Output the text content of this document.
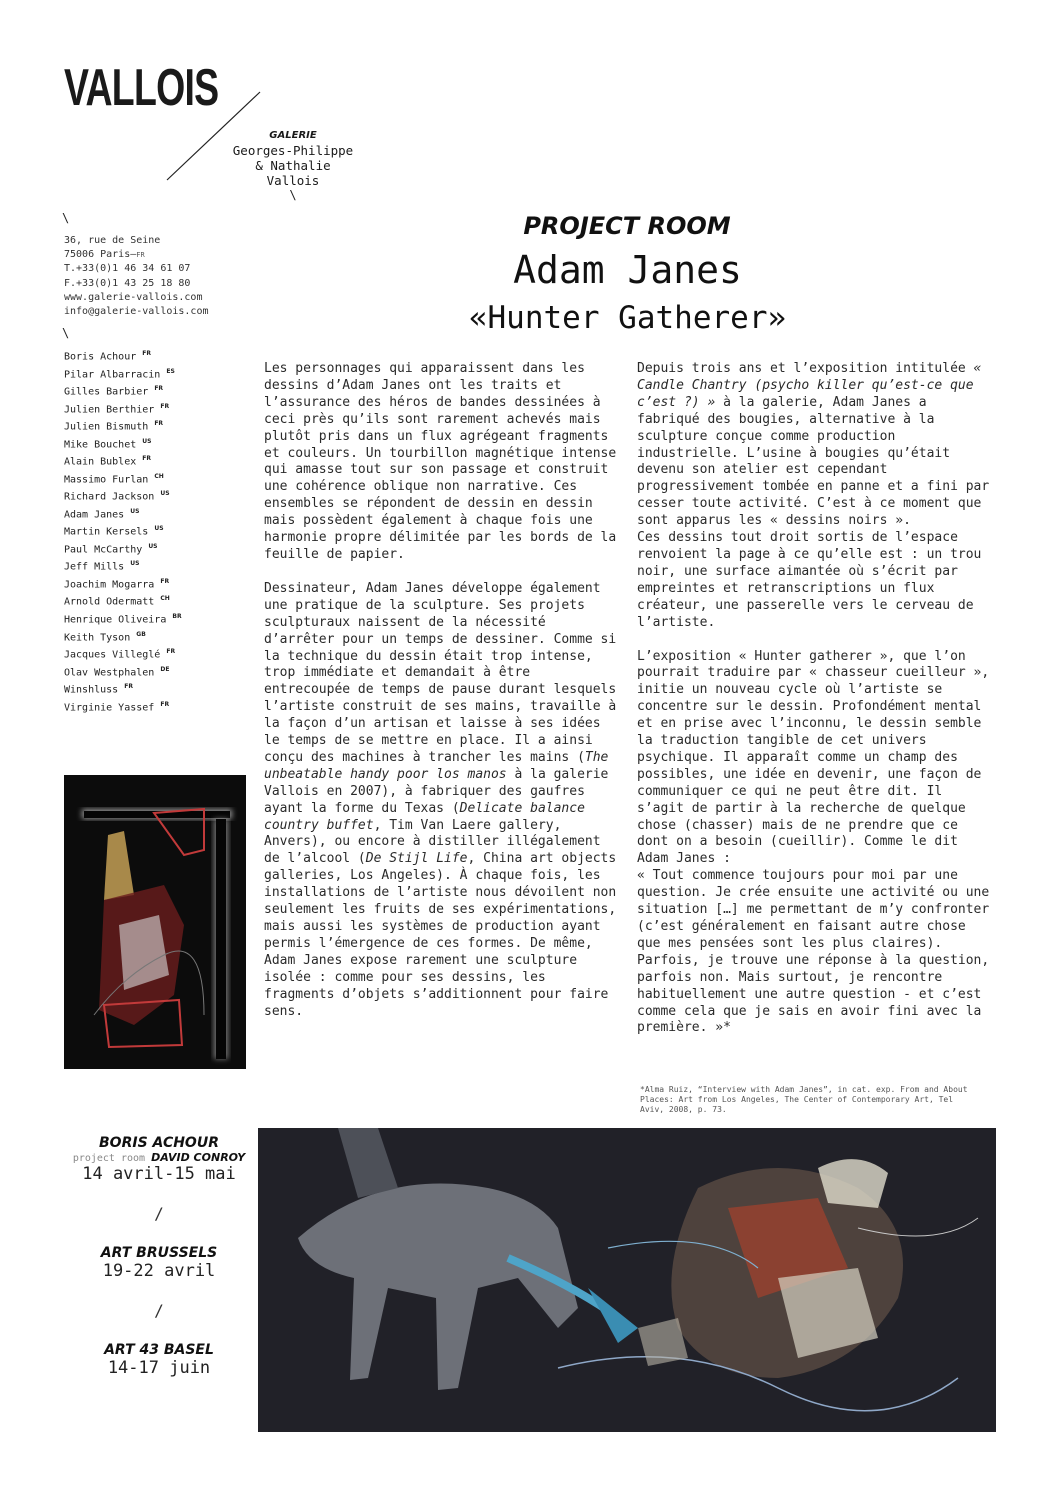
VALLOIS
GALERIE
Georges-Philippe
& Nathalie
Vallois
\
\
36, rue de Seine
75006 Paris—FR
T.+33(0)1 46 34 61 07
F.+33(0)1 43 25 18 80
www.galerie-vallois.com
info@galerie-vallois.com
\
Boris Achour $^{FR}$
Pilar Albarracin $^{ES}$
Gilles Barbier $^{FR}$
Julien Berthier $^{FR}$
Julien Bismuth $^{FR}$
Mike Bouchet $^{US}$
Alain Bublex $^{FR}$
Massimo Furlan $^{CH}$
Richard Jackson $^{US}$
Adam Janes $^{US}$
Martin Kersels $^{US}$
Paul McCarthy $^{US}$
Jeff Mills $^{US}$
Joachim Mogarra $^{FR}$
Arnold Odermatt $^{CH}$
Henrique Oliveira $^{BR}$
Keith Tyson $^{GB}$
Jacques Villeglé $^{FR}$
Olav Westphalen $^{DE}$
Winshluss $^{FR}$
Virginie Yassef $^{FR}$
PROJECT ROOM
Adam Janes
«Hunter Gatherer»

Les personnages qui apparaissent dans les dessins d’Adam Janes ont les traits et l’assurance des héros de bandes dessinées à ceci près qu’ils sont rarement achevés mais plutôt pris dans un flux agrégeant fragments et couleurs. Un tourbillon magnétique intense qui amasse tout sur son passage et construit une cohérence oblique non narrative. Ces ensembles se répondent de dessin en dessin mais possèdent également à chaque fois une harmonie propre délimitée par les bords de la feuille de papier.

Dessinateur, Adam Janes développe également une pratique de la sculpture. Ses projets sculpturaux naissent de la nécessité d’arrêter pour un temps de dessiner. Comme si la technique du dessin était trop intense, trop immédiate et demandait à être entrecoupée de temps de pause durant lesquels l’artiste construit de ses mains, travaille à la façon d’un artisan et laisse à ses idées le temps de se mettre en place. Il a ainsi conçu des machines à trancher les mains (The unbeatable handy poor los manos à la galerie Vallois en 2007), à fabriquer des gaufres ayant la forme du Texas (Delicate balance country buffet, Tim Van Laere gallery, Anvers), ou encore à distiller illégalement de l’alcool (De Stijl Life, China art objects galleries, Los Angeles). À chaque fois, les installations de l’artiste nous dévoilent non seulement les fruits de ses expérimentations, mais aussi les systèmes de production ayant permis l’émergence de ces formes. De même, Adam Janes expose rarement une sculpture isolée : comme pour ses dessins, les fragments d’objets s’additionnent pour faire sens.

Depuis trois ans et l’exposition intitulée « Candle Chantry (psycho killer qu’est-ce que c’est ?) » à la galerie, Adam Janes a fabriqué des bougies, alternative à la sculpture conçue comme production industrielle. L’usine à bougies qu’était devenu son atelier est cependant progressivement tombée en panne et a fini par cesser toute activité. C’est à ce moment que sont apparus les « dessins noirs ».

Ces dessins tout droit sortis de l’espace renvoient la page à ce qu’elle est : un trou noir, une surface aimantée où s’écrit par empreintes et retranscriptions un flux créateur, une passerelle vers le cerveau de l’artiste.

L’exposition « Hunter gatherer », que l’on pourrait traduire par « chasseur cueilleur », initie un nouveau cycle où l’artiste se concentre sur le dessin. Profondément mental et en prise avec l’inconnu, le dessin semble la traduction tangible de cet univers psychique. Il apparaît comme un champ des possibles, une idée en devenir, une façon de communiquer ce qui ne peut être dit. Il s’agit de partir à la recherche de quelque chose (chasser) mais de ne prendre que ce dont on a besoin (cueillir). Comme le dit Adam Janes :

« Tout commence toujours pour moi par une question. Je crée ensuite une activité ou une situation […] me permettant de m’y confronter (c’est généralement en faisant autre chose que mes pensées sont les plus claires). Parfois, je trouve une réponse à la question, parfois non. Mais surtout, je rencontre habituellement une autre question - et c’est comme cela que je sais en avoir fini avec la première. »*

*Alma Ruiz, “Interview with Adam Janes”, in cat. exp. From and About Places: Art from Los Angeles, The Center of Contemporary Art, Tel Aviv, 2008, p. 73.
BORIS ACHOUR
project room DAVID CONROY
14 avril-15 mai
/
ART BRUSSELS
19-22 avril
/
ART 43 BASEL
14-17 juin
